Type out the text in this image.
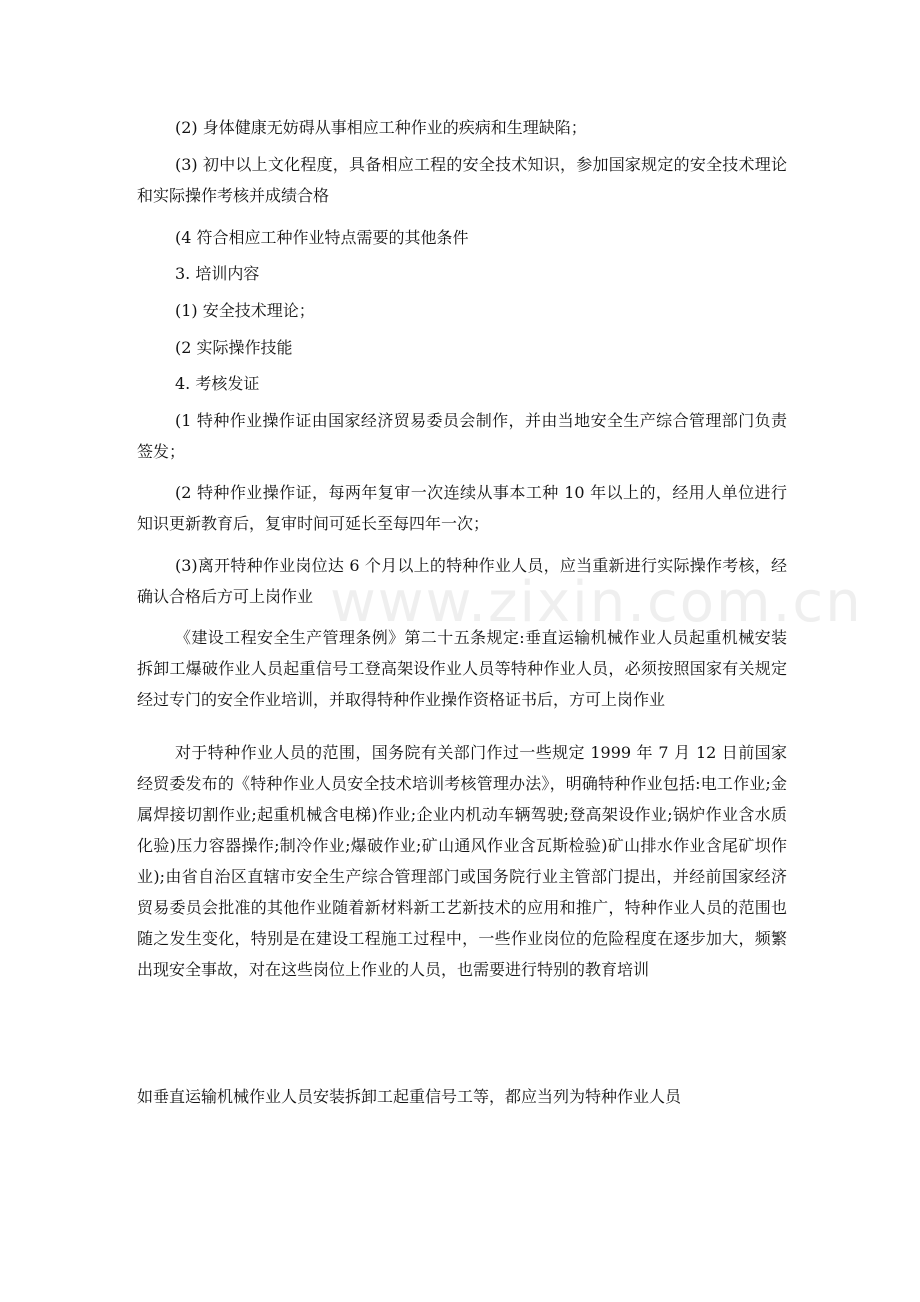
(2) 身体健康无妨碍从事相应工种作业的疾病和生理缺陷；

(3) 初中以上文化程度，具备相应工程的安全技术知识，参加国家规定的安全技术理论和实际操作考核并成绩合格

(4 符合相应工种作业特点需要的其他条件

3. 培训内容

(1) 安全技术理论；

(2 实际操作技能

4. 考核发证

(1 特种作业操作证由国家经济贸易委员会制作，并由当地安全生产综合管理部门负责签发；

(2 特种作业操作证，每两年复审一次连续从事本工种 10 年以上的，经用人单位进行知识更新教育后，复审时间可延长至每四年一次；

(3)离开特种作业岗位达 6 个月以上的特种作业人员，应当重新进行实际操作考核，经确认合格后方可上岗作业

《建设工程安全生产管理条例》第二十五条规定:垂直运输机械作业人员起重机械安装拆卸工爆破作业人员起重信号工登高架设作业人员等特种作业人员，必须按照国家有关规定经过专门的安全作业培训，并取得特种作业操作资格证书后，方可上岗作业

对于特种作业人员的范围，国务院有关部门作过一些规定 1999 年 7 月 12 日前国家经贸委发布的《特种作业人员安全技术培训考核管理办法》，明确特种作业包括:电工作业;金属焊接切割作业;起重机械含电梯)作业;企业内机动车辆驾驶;登高架设作业;锅炉作业含水质化验)压力容器操作;制冷作业;爆破作业;矿山通风作业含瓦斯检验)矿山排水作业含尾矿坝作业);由省自治区直辖市安全生产综合管理部门或国务院行业主管部门提出，并经前国家经济贸易委员会批准的其他作业随着新材料新工艺新技术的应用和推广，特种作业人员的范围也随之发生变化，特别是在建设工程施工过程中，一些作业岗位的危险程度在逐步加大，频繁出现安全事故，对在这些岗位上作业的人员，也需要进行特别的教育培训

如垂直运输机械作业人员安装拆卸工起重信号工等，都应当列为特种作业人员

www.zixin.com.cn
